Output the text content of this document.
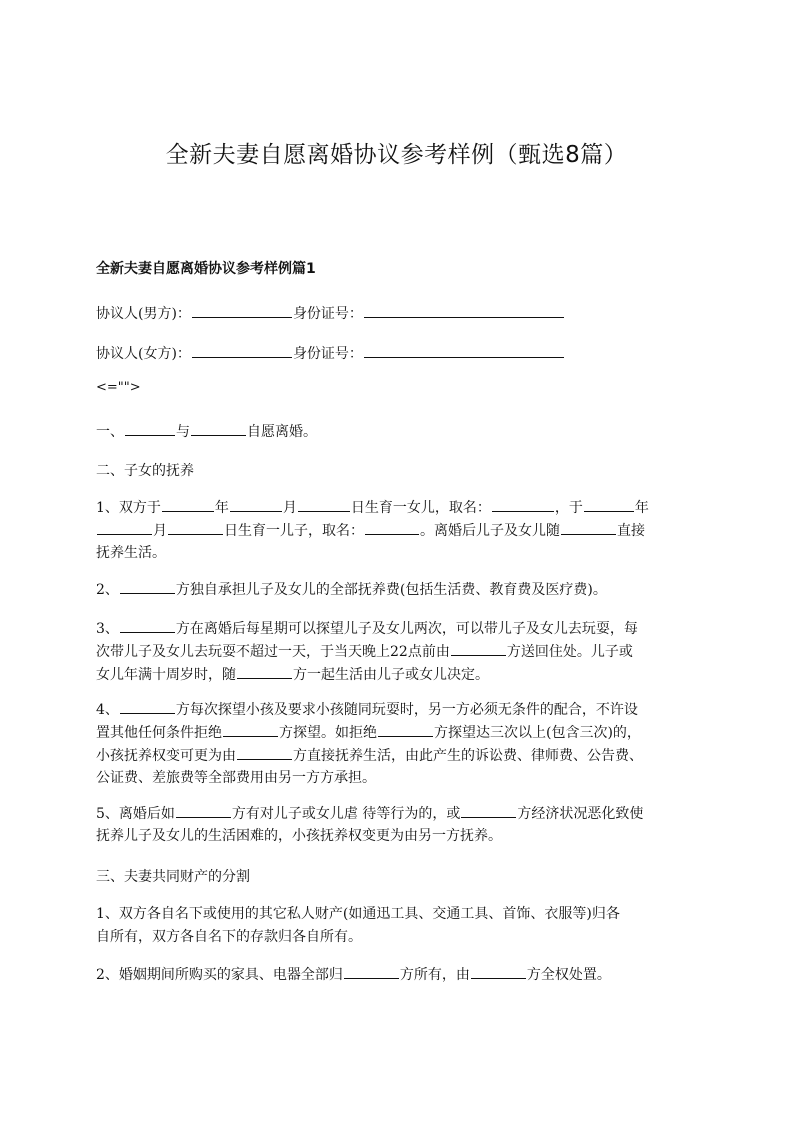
全新夫妻自愿离婚协议参考样例（甄选8篇）
全新夫妻自愿离婚协议参考样例篇1
协议人(男方)：	身份证号：
协议人(女方)：	身份证号：
<="">
一、	与	自愿离婚。
二、子女的抚养
1、双方于	年	月	日生育一女儿，取名：	，于	年
月	日生育一儿子，取名：	。离婚后儿子及女儿随	直接
抚养生活。
2、	方独自承担儿子及女儿的全部抚养费(包括生活费、教育费及医疗费)。
3、	方在离婚后每星期可以探望儿子及女儿两次，可以带儿子及女儿去玩耍，每
次带儿子及女儿去玩耍不超过一天，于当天晚上22点前由	方送回住处。儿子或
女儿年满十周岁时，随	方一起生活由儿子或女儿决定。
4、	方每次探望小孩及要求小孩随同玩耍时，另一方必须无条件的配合，不许设
置其他任何条件拒绝	方探望。如拒绝	方探望达三次以上(包含三次)的，
小孩抚养权变可更为由	方直接抚养生活，由此产生的诉讼费、律师费、公告费、
公证费、差旅费等全部费用由另一方方承担。
5、离婚后如	方有对儿子或女儿虐 待等行为的，或	方经济状况恶化致使
抚养儿子及女儿的生活困难的，小孩抚养权变更为由另一方抚养。
三、夫妻共同财产的分割
1、双方各自名下或使用的其它私人财产(如通迅工具、交通工具、首饰、衣服等)归各
自所有，双方各自名下的存款归各自所有。
2、婚姻期间所购买的家具、电器全部归	方所有，由	方全权处置。
